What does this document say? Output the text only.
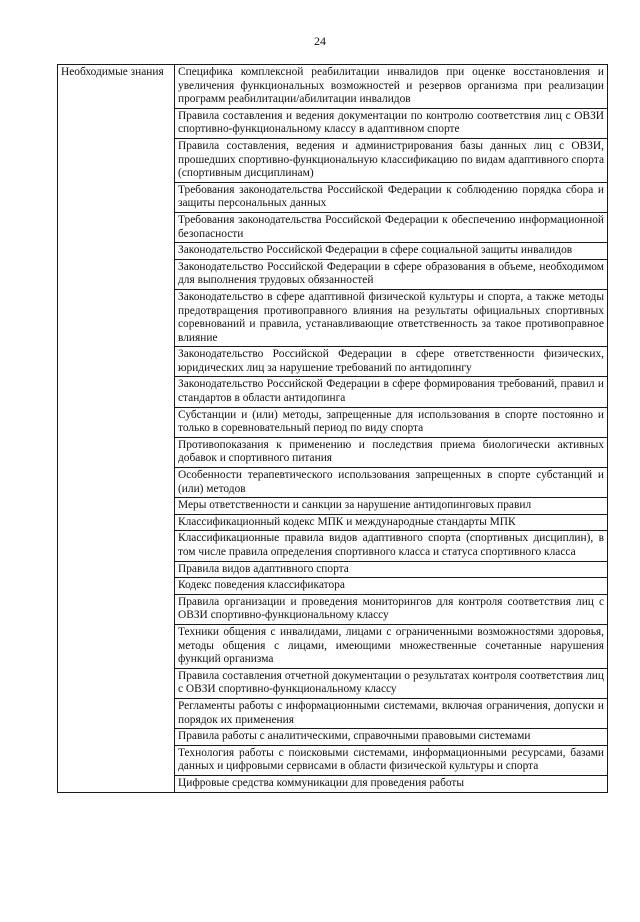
24
Необходимые знания	Специфика комплексной реабилитации инвалидов при оценке восстановления и увеличения функциональных возможностей и резервов организма при реализации программ реабилитации/абилитации инвалидов
Правила составления и ведения документации по контролю соответствия лиц с ОВЗИ спортивно-функциональному классу в адаптивном спорте
Правила составления, ведения и администрирования базы данных лиц с ОВЗИ, прошедших спортивно-функциональную классификацию по видам адаптивного спорта (спортивным дисциплинам)
Требования законодательства Российской Федерации к соблюдению порядка сбора и защиты персональных данных
Требования законодательства Российской Федерации к обеспечению информационной безопасности
Законодательство Российской Федерации в сфере социальной защиты инвалидов
Законодательство Российской Федерации в сфере образования в объеме, необходимом для выполнения трудовых обязанностей
Законодательство в сфере адаптивной физической культуры и спорта, а также методы предотвращения противоправного влияния на результаты официальных спортивных соревнований и правила, устанавливающие ответственность за такое противоправное влияние
Законодательство Российской Федерации в сфере ответственности физических, юридических лиц за нарушение требований по антидопингу
Законодательство Российской Федерации в сфере формирования требований, правил и стандартов в области антидопинга
Субстанции и (или) методы, запрещенные для использования в спорте постоянно и только в соревновательный период по виду спорта
Противопоказания к применению и последствия приема биологически активных добавок и спортивного питания
Особенности терапевтического использования запрещенных в спорте субстанций и (или) методов
Меры ответственности и санкции за нарушение антидопинговых правил
Классификационный кодекс МПК и международные стандарты МПК
Классификационные правила видов адаптивного спорта (спортивных дисциплин), в том числе правила определения спортивного класса и статуса спортивного класса
Правила видов адаптивного спорта
Кодекс поведения классификатора
Правила организации и проведения мониторингов для контроля соответствия лиц с ОВЗИ спортивно-функциональному классу
Техники общения с инвалидами, лицами с ограниченными возможностями здоровья, методы общения с лицами, имеющими множественные сочетанные нарушения функций организма
Правила составления отчетной документации о результатах контроля соответствия лиц с ОВЗИ спортивно-функциональному классу
Регламенты работы с информационными системами, включая ограничения, допуски и порядок их применения
Правила работы с аналитическими, справочными правовыми системами
Технология работы с поисковыми системами, информационными ресурсами, базами данных и цифровыми сервисами в области физической культуры и спорта
Цифровые средства коммуникации для проведения работы
